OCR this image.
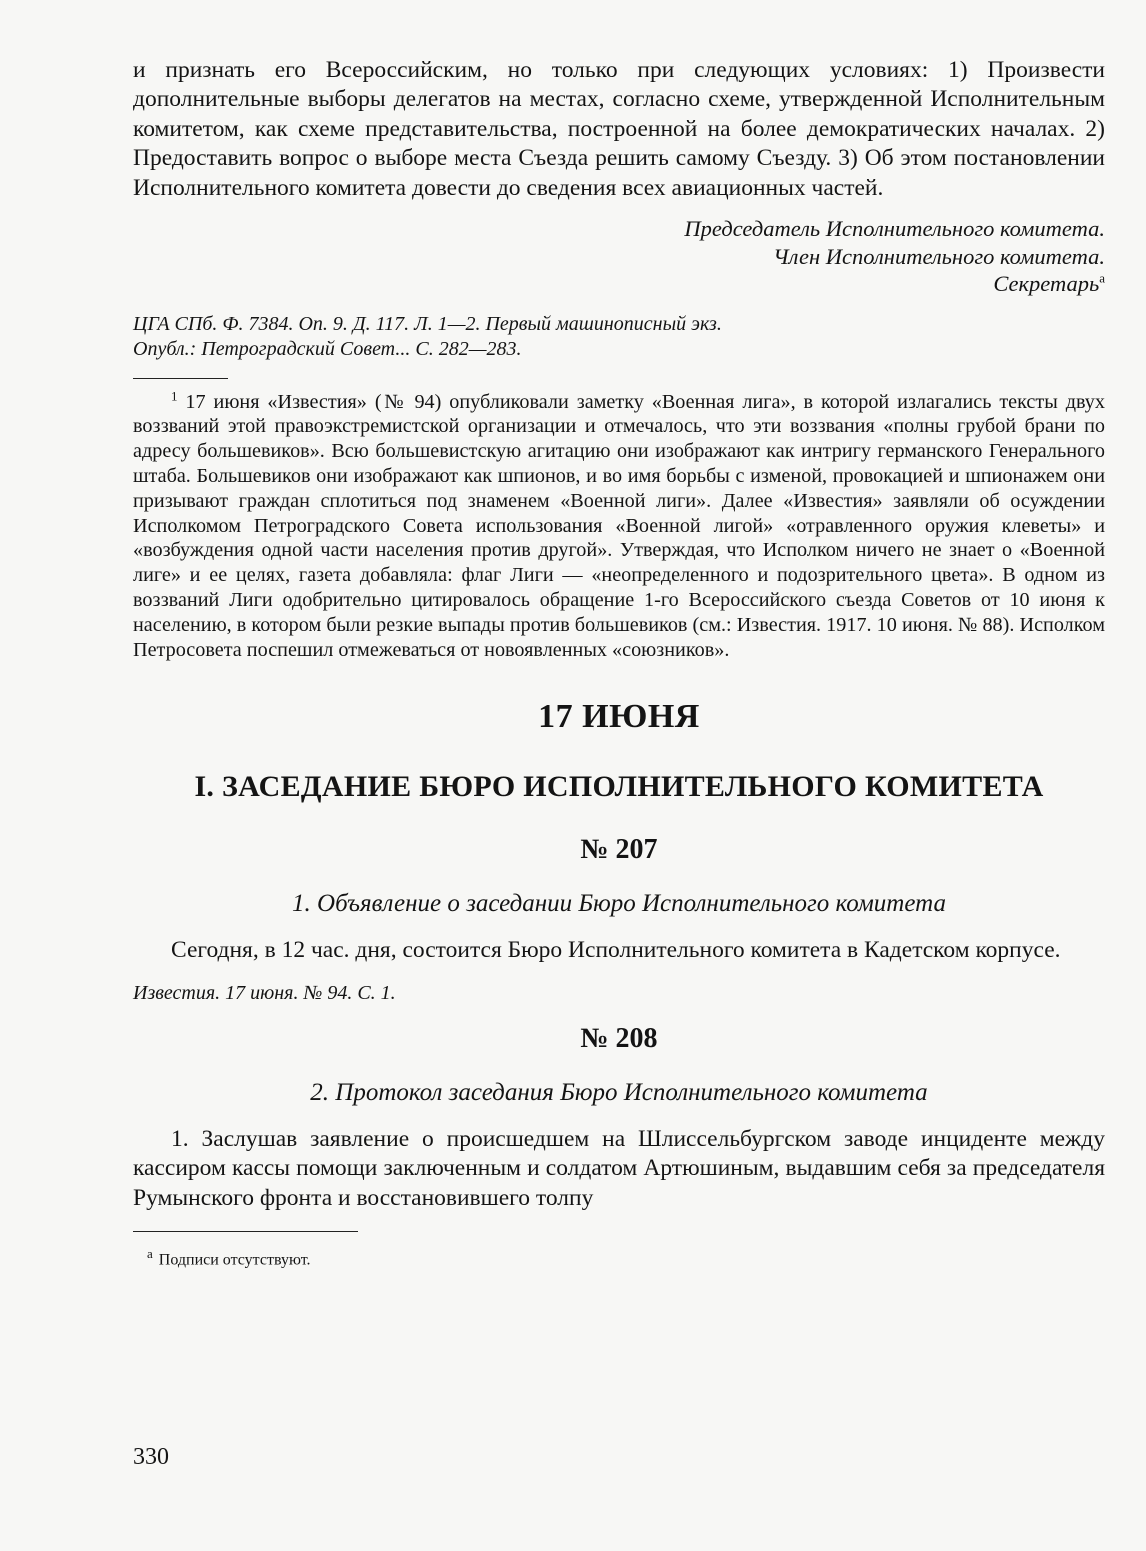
и признать его Всероссийским, но только при следующих условиях: 1) Произвести дополнительные выборы делегатов на местах, согласно схеме, утвержденной Исполнительным комитетом, как схеме представительства, построенной на более демократических началах. 2) Предоставить вопрос о выборе места Съезда решить самому Съезду. 3) Об этом постановлении Исполнительного комитета довести до сведения всех авиационных частей.

Председатель Исполнительного комитета.
Член Исполнительного комитета.
Секретарь$^а$
ЦГА СПб. Ф. 7384. Оп. 9. Д. 117. Л. 1—2. Первый машинописный экз.
Опубл.: Петроградский Совет... С. 282—283.

$^1$ 17 июня «Известия» (№ 94) опубликовали заметку «Военная лига», в которой излагались тексты двух воззваний этой правоэкстремистской организации и отмечалось, что эти воззвания «полны грубой брани по адресу большевиков». Всю большевистскую агитацию они изображают как интригу германского Генерального штаба. Большевиков они изображают как шпионов, и во имя борьбы с изменой, провокацией и шпионажем они призывают граждан сплотиться под знаменем «Военной лиги». Далее «Известия» заявляли об осуждении Исполкомом Петроградского Совета использования «Военной лигой» «отравленного оружия клеветы» и «возбуждения одной части населения против другой». Утверждая, что Исполком ничего не знает о «Военной лиге» и ее целях, газета добавляла: флаг Лиги — «неопределенного и подозрительного цвета». В одном из воззваний Лиги одобрительно цитировалось обращение 1-го Всероссийского съезда Советов от 10 июня к населению, в котором были резкие выпады против большевиков (см.: Известия. 1917. 10 июня. № 88). Исполком Петросовета поспешил отмежеваться от новоявленных «союзников».

17 ИЮНЯ
I. ЗАСЕДАНИЕ БЮРО ИСПОЛНИТЕЛЬНОГО КОМИТЕТА
№ 207
1. Объявление о заседании Бюро Исполнительного комитета

Сегодня, в 12 час. дня, состоится Бюро Исполнительного комитета в Кадетском корпусе.

Известия. 17 июня. № 94. С. 1.
№ 208
2. Протокол заседания Бюро Исполнительного комитета

1. Заслушав заявление о происшедшем на Шлиссельбургском заводе инциденте между кассиром кассы помощи заключенным и солдатом Артюшиным, выдавшим себя за председателя Румынского фронта и восстановившего толпу

$^а$ Подписи отсутствуют.
330
